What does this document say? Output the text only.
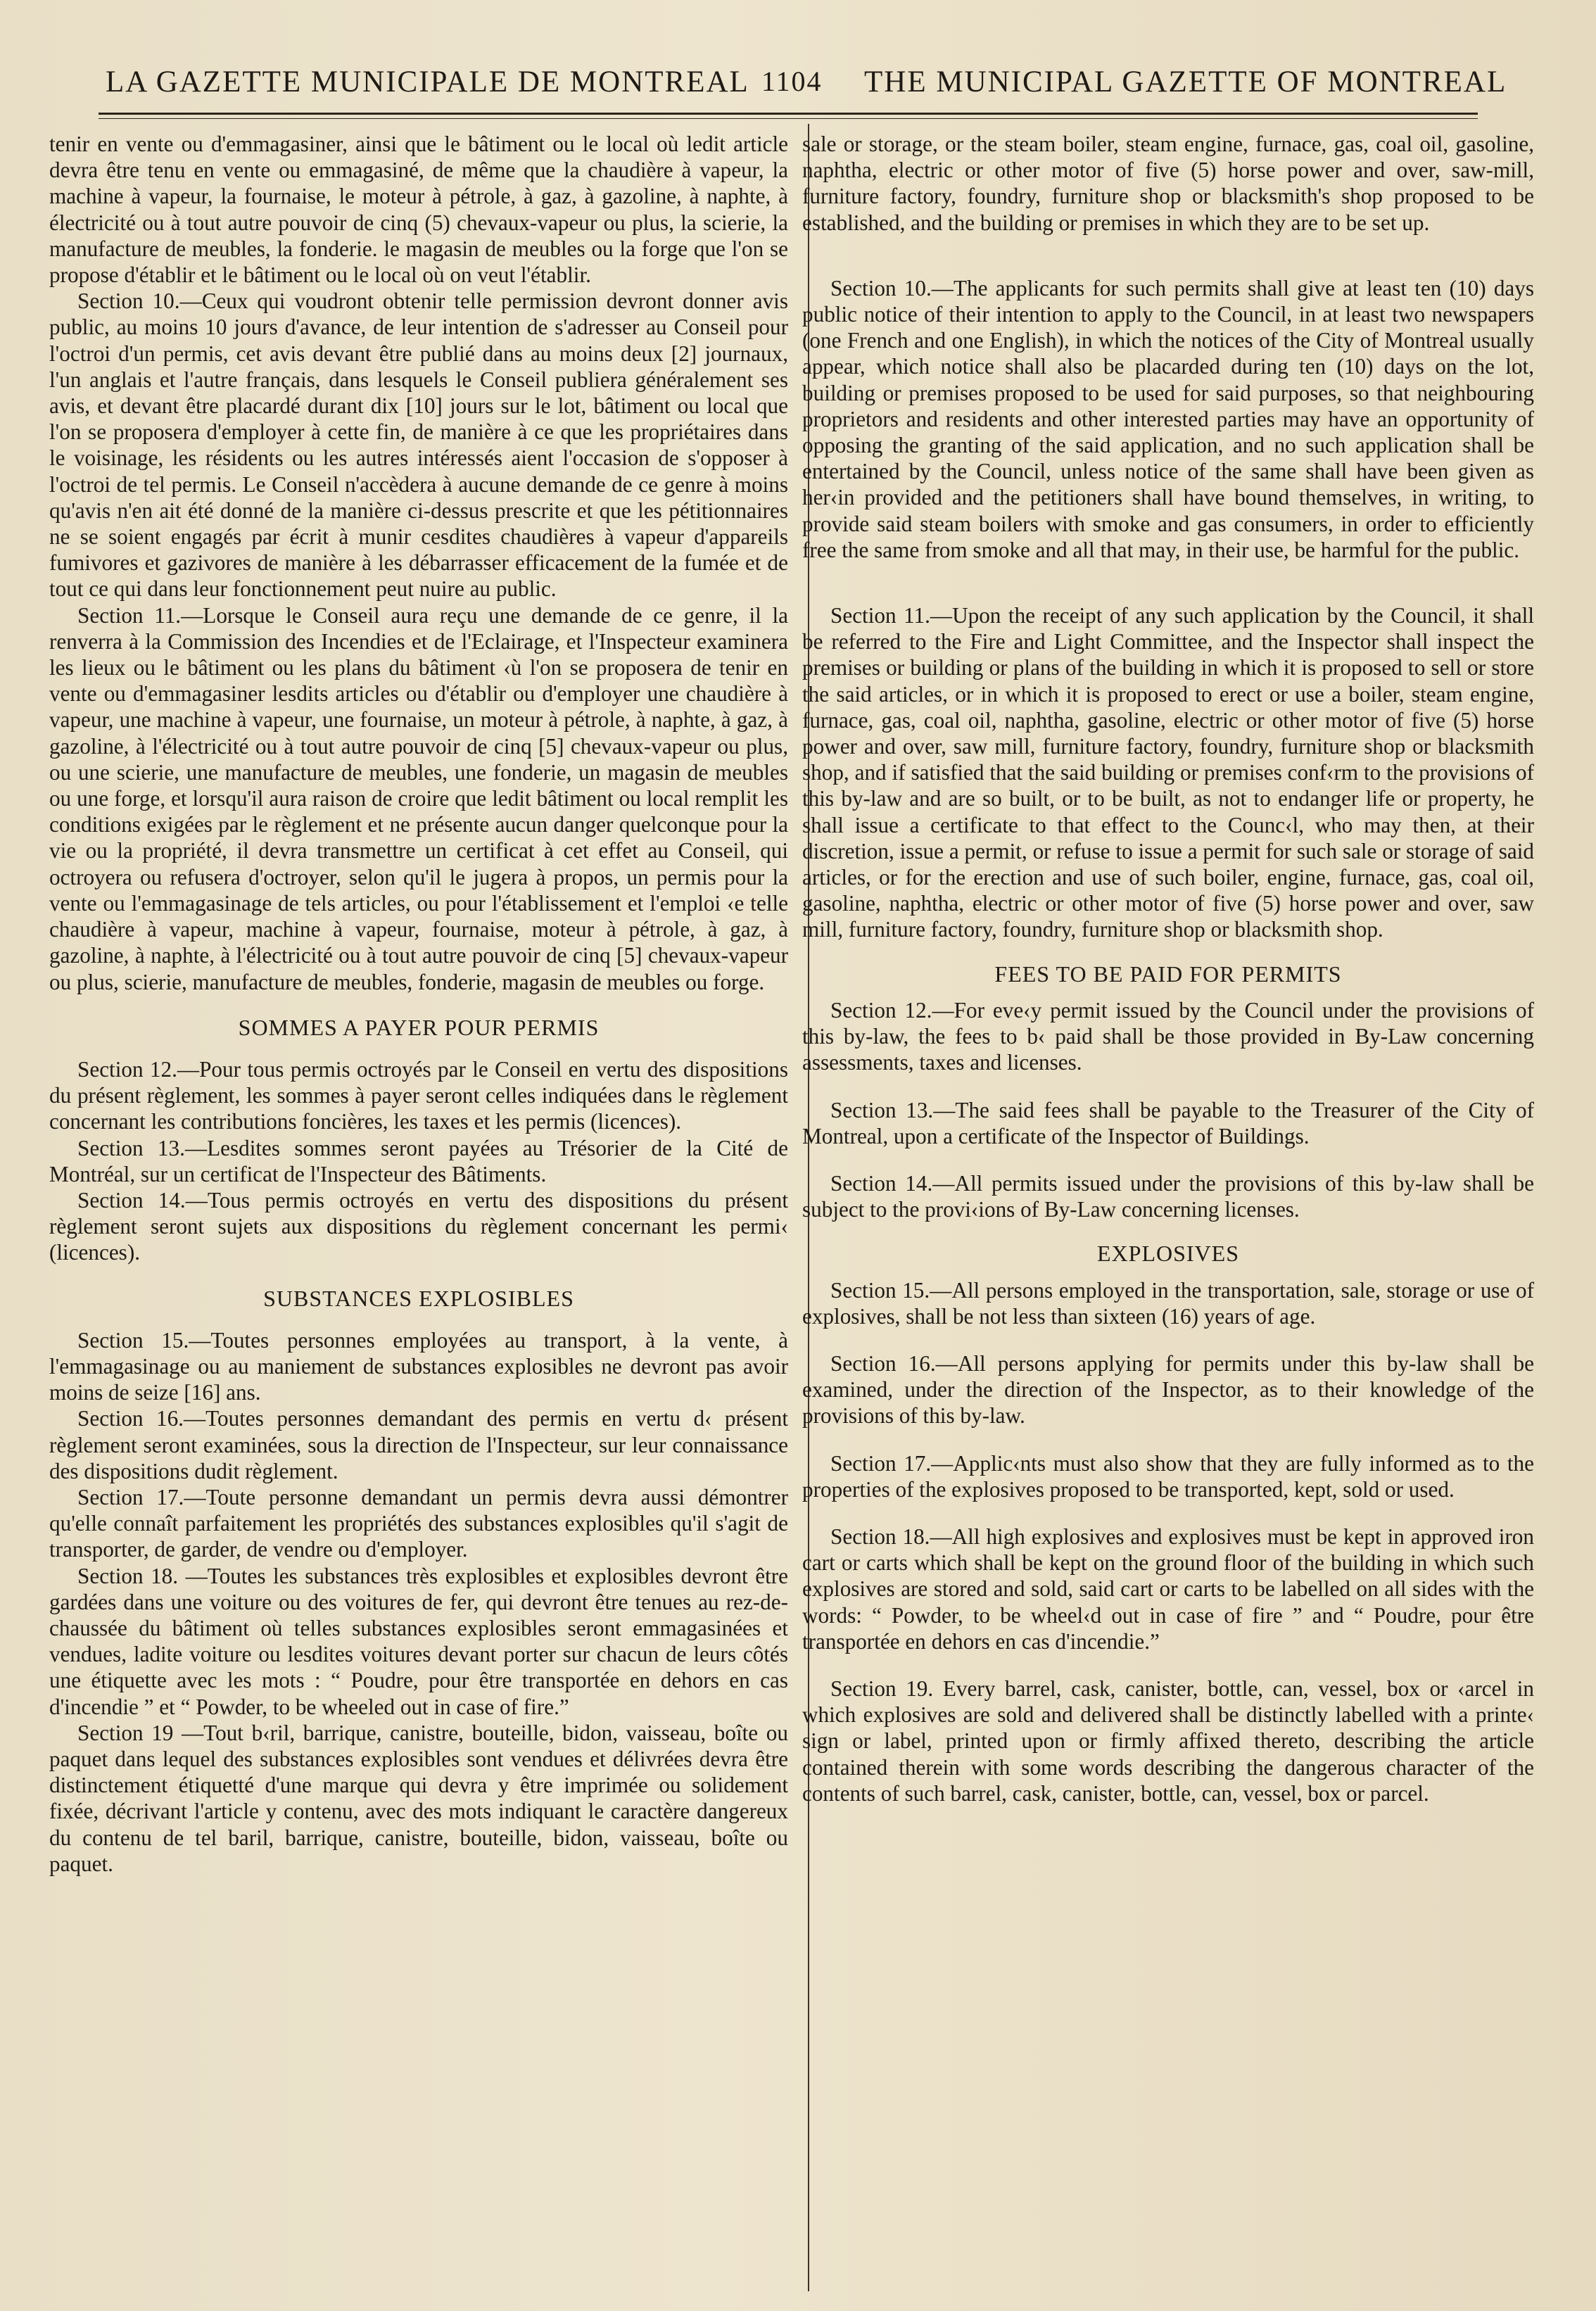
LA GAZETTE MUNICIPALE DE MONTREAL 1104 THE MUNICIPAL GAZETTE OF MONTREAL

tenir en vente ou d'emmagasiner, ainsi que le bâtiment ou le local où ledit article devra être tenu en vente ou emmagasiné, de même que la chaudière à vapeur, la machine à vapeur, la fournaise, le moteur à pétrole, à gaz, à gazoline, à naphte, à électricité ou à tout autre pouvoir de cinq (5) chevaux-vapeur ou plus, la scierie, la manufacture de meubles, la fonderie. le magasin de meubles ou la forge que l'on se propose d'établir et le bâtiment ou le local où on veut l'établir.

Section 10.—Ceux qui voudront obtenir telle permission devront donner avis public, au moins 10 jours d'avance, de leur intention de s'adresser au Conseil pour l'octroi d'un permis, cet avis devant être publié dans au moins deux [2] journaux, l'un anglais et l'autre français, dans lesquels le Conseil publiera généralement ses avis, et devant être placardé durant dix [10] jours sur le lot, bâtiment ou local que l'on se proposera d'employer à cette fin, de manière à ce que les propriétaires dans le voisinage, les résidents ou les autres intéressés aient l'occasion de s'opposer à l'octroi de tel permis. Le Conseil n'accèdera à aucune demande de ce genre à moins qu'avis n'en ait été donné de la manière ci-dessus prescrite et que les pétitionnaires ne se soient engagés par écrit à munir cesdites chaudières à vapeur d'appareils fumivores et gazivores de manière à les débarrasser efficacement de la fumée et de tout ce qui dans leur fonctionnement peut nuire au public.

Section 11.—Lorsque le Conseil aura reçu une demande de ce genre, il la renverra à la Commission des Incendies et de l'Eclairage, et l'Inspecteur examinera les lieux ou le bâtiment ou les plans du bâtiment ‹ù l'on se proposera de tenir en vente ou d'emmagasiner lesdits articles ou d'établir ou d'employer une chaudière à vapeur, une machine à vapeur, une fournaise, un moteur à pétrole, à naphte, à gaz, à gazoline, à l'électricité ou à tout autre pouvoir de cinq [5] chevaux-vapeur ou plus, ou une scierie, une manufacture de meubles, une fonderie, un magasin de meubles ou une forge, et lorsqu'il aura raison de croire que ledit bâtiment ou local remplit les conditions exigées par le règlement et ne présente aucun danger quelconque pour la vie ou la propriété, il devra transmettre un certificat à cet effet au Conseil, qui octroyera ou refusera d'octroyer, selon qu'il le jugera à propos, un permis pour la vente ou l'emmagasinage de tels articles, ou pour l'établissement et l'emploi ‹e telle chaudière à vapeur, machine à vapeur, fournaise, moteur à pétrole, à gaz, à gazoline, à naphte, à l'électricité ou à tout autre pouvoir de cinq [5] chevaux-vapeur ou plus, scierie, manufacture de meubles, fonderie, magasin de meubles ou forge.

SOMMES A PAYER POUR PERMIS

Section 12.—Pour tous permis octroyés par le Conseil en vertu des dispositions du présent règlement, les sommes à payer seront celles indiquées dans le règlement concernant les contributions foncières, les taxes et les permis (licences).

Section 13.—Lesdites sommes seront payées au Trésorier de la Cité de Montréal, sur un certificat de l'Inspecteur des Bâtiments.

Section 14.—Tous permis octroyés en vertu des dispositions du présent règlement seront sujets aux dispositions du règlement concernant les permi‹ (licences).

SUBSTANCES EXPLOSIBLES

Section 15.—Toutes personnes employées au transport, à la vente, à l'emmagasinage ou au maniement de substances explosibles ne devront pas avoir moins de seize [16] ans.

Section 16.—Toutes personnes demandant des permis en vertu d‹ présent règlement seront examinées, sous la direction de l'Inspecteur, sur leur connaissance des dispositions dudit règlement.

Section 17.—Toute personne demandant un permis devra aussi démontrer qu'elle connaît parfaitement les propriétés des substances explosibles qu'il s'agit de transporter, de garder, de vendre ou d'employer.

Section 18. —Toutes les substances très explosibles et explosibles devront être gardées dans une voiture ou des voitures de fer, qui devront être tenues au rez-de-chaussée du bâtiment où telles substances explosibles seront emmagasinées et vendues, ladite voiture ou lesdites voitures devant porter sur chacun de leurs côtés une étiquette avec les mots : “ Poudre, pour être transportée en dehors en cas d'incendie ” et “ Powder, to be wheeled out in case of fire.”

Section 19 —Tout b‹ril, barrique, canistre, bouteille, bidon, vaisseau, boîte ou paquet dans lequel des substances explosibles sont vendues et délivrées devra être distinctement étiquetté d'une marque qui devra y être imprimée ou solidement fixée, décrivant l'article y contenu, avec des mots indiquant le caractère dangereux du contenu de tel baril, barrique, canistre, bouteille, bidon, vaisseau, boîte ou paquet.

sale or storage, or the steam boiler, steam engine, furnace, gas, coal oil, gasoline, naphtha, electric or other motor of five (5) horse power and over, saw-mill, furniture factory, foundry, furniture shop or blacksmith's shop proposed to be established, and the building or premises in which they are to be set up.

Section 10.—The applicants for such permits shall give at least ten (10) days public notice of their intention to apply to the Council, in at least two newspapers (one French and one English), in which the notices of the City of Montreal usually appear, which notice shall also be placarded during ten (10) days on the lot, building or premises proposed to be used for said purposes, so that neighbouring proprietors and residents and other interested parties may have an opportunity of opposing the granting of the said application, and no such application shall be entertained by the Council, unless notice of the same shall have been given as her‹in provided and the petitioners shall have bound themselves, in writing, to provide said steam boilers with smoke and gas consumers, in order to efficiently free the same from smoke and all that may, in their use, be harmful for the public.

Section 11.—Upon the receipt of any such application by the Council, it shall be referred to the Fire and Light Committee, and the Inspector shall inspect the premises or building or plans of the building in which it is proposed to sell or store the said articles, or in which it is proposed to erect or use a boiler, steam engine, furnace, gas, coal oil, naphtha, gasoline, electric or other motor of five (5) horse power and over, saw mill, furniture factory, foundry, furniture shop or blacksmith shop, and if satisfied that the said building or premises conf‹rm to the provisions of this by-law and are so built, or to be built, as not to endanger life or property, he shall issue a certificate to that effect to the Counc‹l, who may then, at their discretion, issue a permit, or refuse to issue a permit for such sale or storage of said articles, or for the erection and use of such boiler, engine, furnace, gas, coal oil, gasoline, naphtha, electric or other motor of five (5) horse power and over, saw mill, furniture factory, foundry, furniture shop or blacksmith shop.

FEES TO BE PAID FOR PERMITS

Section 12.—For eve‹y permit issued by the Council under the provisions of this by-law, the fees to b‹ paid shall be those provided in By-Law concerning assessments, taxes and licenses.

Section 13.—The said fees shall be payable to the Treasurer of the City of Montreal, upon a certificate of the Inspector of Buildings.

Section 14.—All permits issued under the provisions of this by-law shall be subject to the provi‹ions of By-Law concerning licenses.

EXPLOSIVES

Section 15.—All persons employed in the transportation, sale, storage or use of explosives, shall be not less than sixteen (16) years of age.

Section 16.—All persons applying for permits under this by-law shall be examined, under the direction of the Inspector, as to their knowledge of the provisions of this by-law.

Section 17.—Applic‹nts must also show that they are fully informed as to the properties of the explosives proposed to be transported, kept, sold or used.

Section 18.—All high explosives and explosives must be kept in approved iron cart or carts which shall be kept on the ground floor of the building in which such explosives are stored and sold, said cart or carts to be labelled on all sides with the words: “ Powder, to be wheel‹d out in case of fire ” and “ Poudre, pour être transportée en dehors en cas d'incendie.”

Section 19. Every barrel, cask, canister, bottle, can, vessel, box or ‹arcel in which explosives are sold and delivered shall be distinctly labelled with a printe‹ sign or label, printed upon or firmly affixed thereto, describing the article contained therein with some words describing the dangerous character of the contents of such barrel, cask, canister, bottle, can, vessel, box or parcel.
